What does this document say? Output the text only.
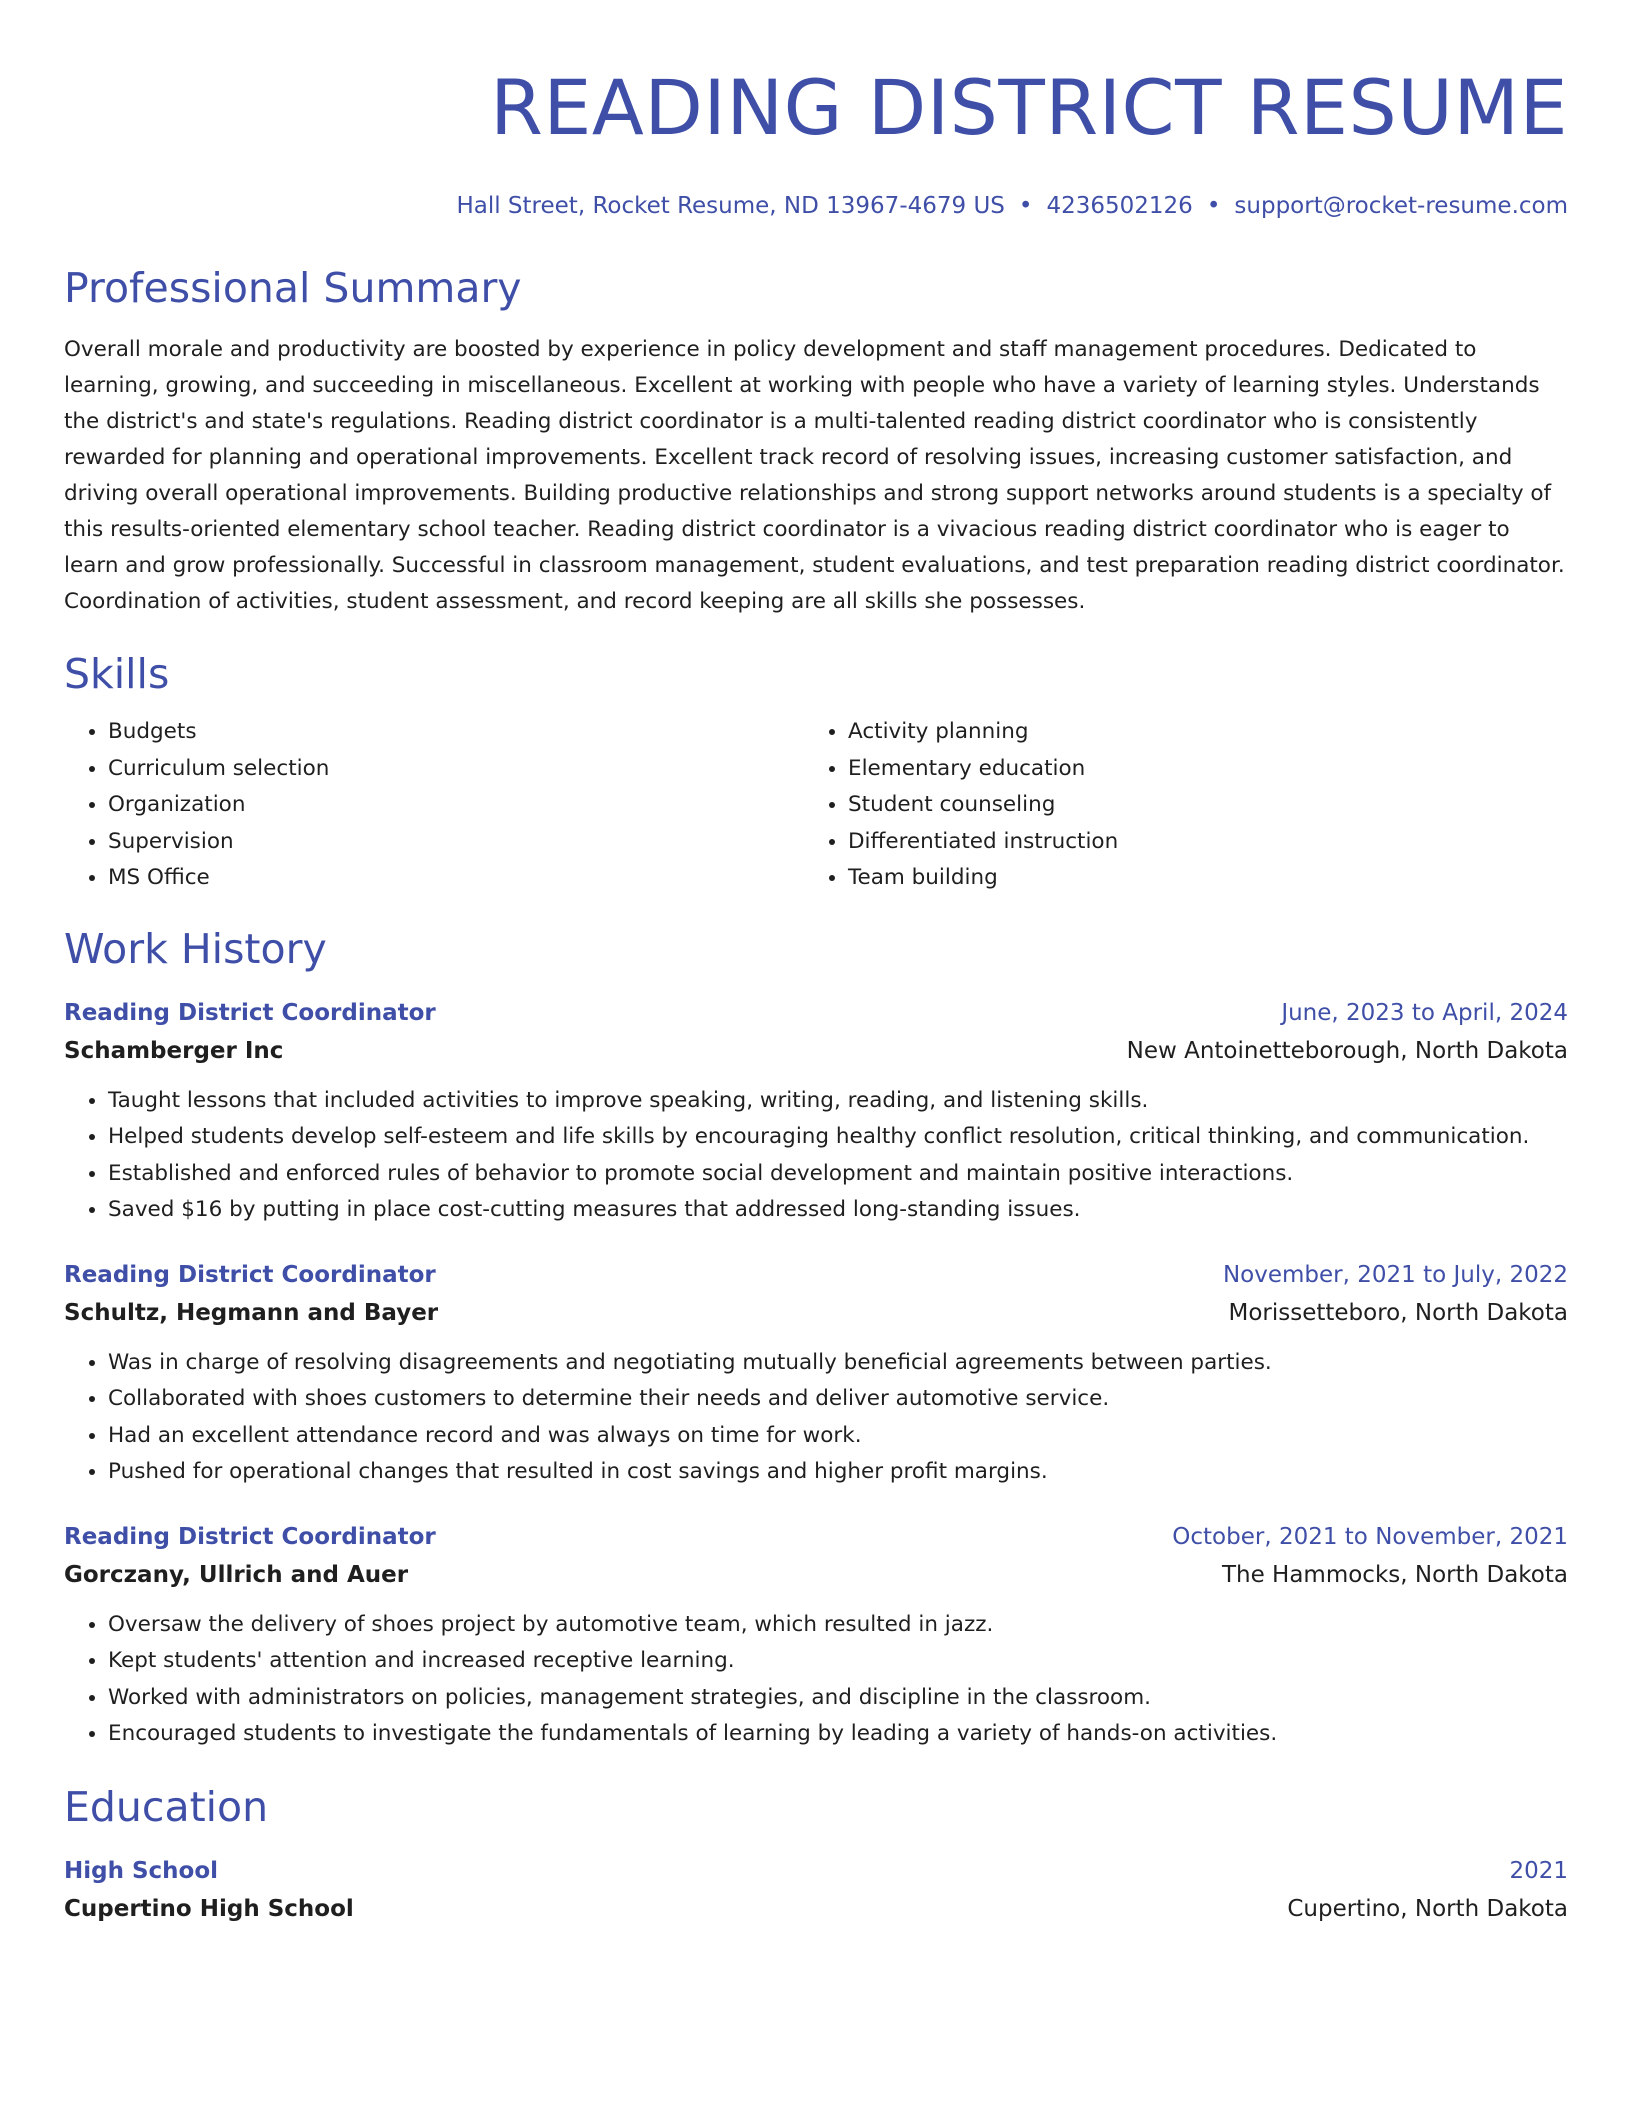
READING DISTRICT RESUME
Hall Street, Rocket Resume, ND 13967-4679 US • 4236502126 • support@rocket-resume.com
Professional Summary
Overall morale and productivity are boosted by experience in policy development and staff management procedures. Dedicated to learning, growing, and succeeding in miscellaneous. Excellent at working with people who have a variety of learning styles. Understands the district's and state's regulations. Reading district coordinator is a multi-talented reading district coordinator who is consistently rewarded for planning and operational improvements. Excellent track record of resolving issues, increasing customer satisfaction, and driving overall operational improvements. Building productive relationships and strong support networks around students is a specialty of this results-oriented elementary school teacher. Reading district coordinator is a vivacious reading district coordinator who is eager to learn and grow professionally. Successful in classroom management, student evaluations, and test preparation reading district coordinator. Coordination of activities, student assessment, and record keeping are all skills she possesses.
Skills
• Budgets
• Curriculum selection
• Organization
• Supervision
• MS Office
• Activity planning
• Elementary education
• Student counseling
• Differentiated instruction
• Team building
Work History
Reading District Coordinator	June, 2023 to April, 2024
Schamberger Inc	New Antoinetteborough, North Dakota
• Taught lessons that included activities to improve speaking, writing, reading, and listening skills.
• Helped students develop self-esteem and life skills by encouraging healthy conflict resolution, critical thinking, and communication.
• Established and enforced rules of behavior to promote social development and maintain positive interactions.
• Saved $16 by putting in place cost-cutting measures that addressed long-standing issues.
Reading District Coordinator	November, 2021 to July, 2022
Schultz, Hegmann and Bayer	Morissetteboro, North Dakota
• Was in charge of resolving disagreements and negotiating mutually beneficial agreements between parties.
• Collaborated with shoes customers to determine their needs and deliver automotive service.
• Had an excellent attendance record and was always on time for work.
• Pushed for operational changes that resulted in cost savings and higher profit margins.
Reading District Coordinator	October, 2021 to November, 2021
Gorczany, Ullrich and Auer	The Hammocks, North Dakota
• Oversaw the delivery of shoes project by automotive team, which resulted in jazz.
• Kept students' attention and increased receptive learning.
• Worked with administrators on policies, management strategies, and discipline in the classroom.
• Encouraged students to investigate the fundamentals of learning by leading a variety of hands-on activities.
Education
High School	2021
Cupertino High School	Cupertino, North Dakota
